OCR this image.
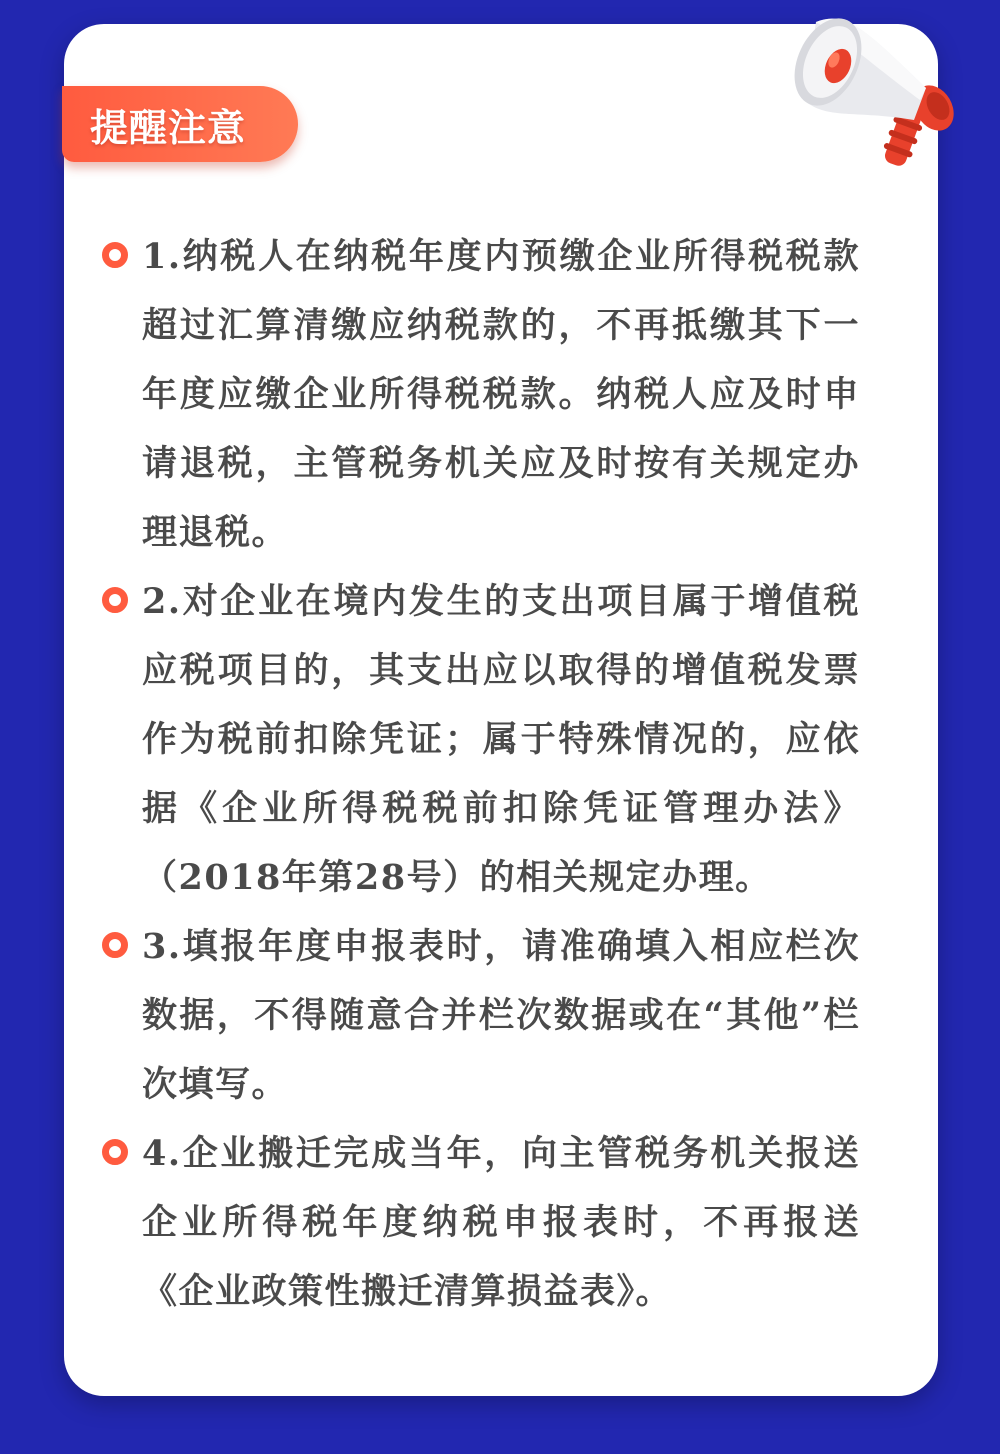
提醒注意

1.纳税人在纳税年度内预缴企业所得税税款超过汇算清缴应纳税款的，不再抵缴其下一年度应缴企业所得税税款。纳税人应及时申请退税，主管税务机关应及时按有关规定办理退税。

2.对企业在境内发生的支出项目属于增值税应税项目的，其支出应以取得的增值税发票作为税前扣除凭证；属于特殊情况的，应依据《企业所得税税前扣除凭证管理办法》（2018年第28号）的相关规定办理。

3.填报年度申报表时，请准确填入相应栏次数据，不得随意合并栏次数据或在“其他”栏次填写。

4.企业搬迁完成当年，向主管税务机关报送企业所得税年度纳税申报表时，不再报送《企业政策性搬迁清算损益表》。
